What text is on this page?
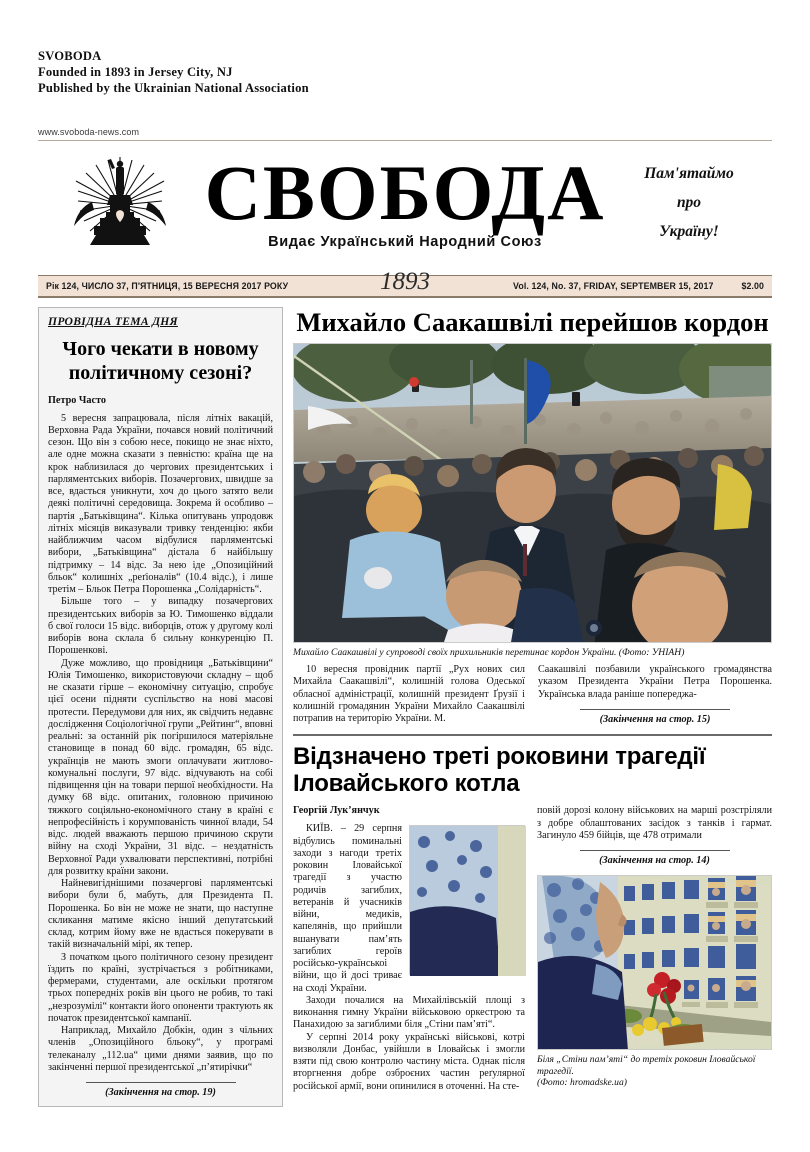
SVOBODA
Founded in 1893 in Jersey City, NJ
Published by the Ukrainian National Association
www.svoboda-news.com
СВОБОДА
Видає Український Народний Союз
Пам'ятаймо
про
Україну!
Рік 124, ЧИСЛО 37, П'ЯТНИЦЯ, 15 ВЕРЕСНЯ 2017 РОКУ	1893	Vol. 124, No. 37, FRIDAY, SEPTEMBER 15, 2017	$2.00
ПРОВІДНА ТЕМА ДНЯ
Чого чекати в новому політичному сезоні?
Петро Часто

5 вересня запрацювала, після літніх вакацій, Верховна Рада України, почався новий політичний сезон. Що він з собою несе, покищо не знає ніхто, але одне можна сказати з певністю: країна ще на крок наблизилася до чергових президентських і парляментських виборів. Позачергових, швидше за все, вдасться уникнути, хоч до цього затято вели деякі політичні середовища. Зокрема й особливо – партія „Батьківщина“. Кілька опитувань упродовж літніх місяців виказували тривку тенденцію: якби найближчим часом відбулися парляментські вибори, „Батьківщина“ дістала б найбільшу підтримку – 14 відс. За нею іде „Опозиційний бльок“ колишніх „реґіоналів“ (10.4 відс.), і лише третім – Бльок Петра Порошенка „Солідарність“.

Більше того – у випадку позачергових президентських виборів за Ю. Тимошенко віддали б свої голоси 15 відс. виборців, отож у другому колі виборів вона склала б сильну конкуренцію П. Порошенкові.

Дуже можливо, що провідниця „Батьківщини“ Юлія Тимошенко, використовуючи складну – щоб не сказати гірше – економічну ситуацію, спробує цієї осени підняти суспільство на нові масові протести. Передумови для них, як свідчить недавнє дослідження Соціологічної групи „Рейтинг“, вповні реальні: за останній рік погіршилося матеріяльне становище в понад 60 відс. громадян, 65 відс. українців не мають змоги оплачувати житлово-комунальні послуги, 97 відс. відчувають на собі підвищення цін на товари першої необхідности. На думку 68 відс. опитаних, головною причиною тяжкого соціяльно-економічного стану в країні є непрофесійність і корумпованість чинної влади, 54 відс. людей вважають першою причиною скрути війну на сході України, 31 відс. – нездатність Верховної Ради ухвалювати перспективні, потрібні для розвитку країни закони.

Найневигіднішими позачергові парляментські вибори були б, мабуть, для Президента П. Порошенка. Бо він не може не знати, що наступне скликання матиме якісно інший депутатський склад, котрим йому вже не вдасться покерувати в такій визначальній мірі, як тепер.

З початком цього політичного сезону президент їздить по країні, зустрічається з робітниками, фермерами, студентами, але оскільки протягом трьох попередніх років він цього не робив, то такі „незрозумілі“ контакти його опоненти трактують як початок президентської кампанії.

Наприклад, Михайло Добкін, один з чільних членів „Опозиційного бльоку“, у програмі телеканалу „112.ua“ цими днями заявив, що по закінченні першої президентської „п’ятирічки“

(Закінчення на стор. 19)
Михайло Саакашвілі перейшов кордон
Михайло Саакашвілі у супроводі своїх прихильників перетинає кордон України. (Фото: УНІАН)

10 вересня провідник партії „Рух нових сил Михайла Саакашвілі“, колишній голова Одеської обласної адміністрації, колишній президент Ґрузії і колишній громадянин України Михайло Саакашвілі потрапив на територію України. М.

Саакашвілі позбавили українського громадянства указом Президента України Петра Порошенка. Українська влада раніше попереджа-

(Закінчення на стор. 15)
Відзначено треті роковини трагедії Іловайського котла
Георгій Лук’янчук

КИЇВ. – 29 серпня відбулись поминальні заходи з нагоди третіх роковин Іловайської трагедії з участю родичів загиблих, ветеранів й учасників війни, медиків, капелянів, що прийшли вшанувати пам’ять загиблих героїв російсько-українськоі війни, що й досі триває на сході України.

Заходи почалися на Михайлівській площі з виконання гимну України військовою оркестрою та Панахидою за загиблими біля „Стіни пам’яті“.

У серпні 2014 року українські військові, котрі визволяли Донбас, увійшли в Іловайськ і змогли взяти під свою контролю частину міста. Однак після вторгнення добре озброєних частин реґулярної російської армії, вони опинилися в оточенні. На сте-

повій дорозі колону військових на марші розстріляли з добре облаштованих засідок з танків і гармат. Загинуло 459 бійців, ще 478 отримали

(Закінчення на стор. 14)
Біля „Стіни пам’яті“ до третіх роковин Іловайської трагедії.
(Фото: hromadske.ua)
